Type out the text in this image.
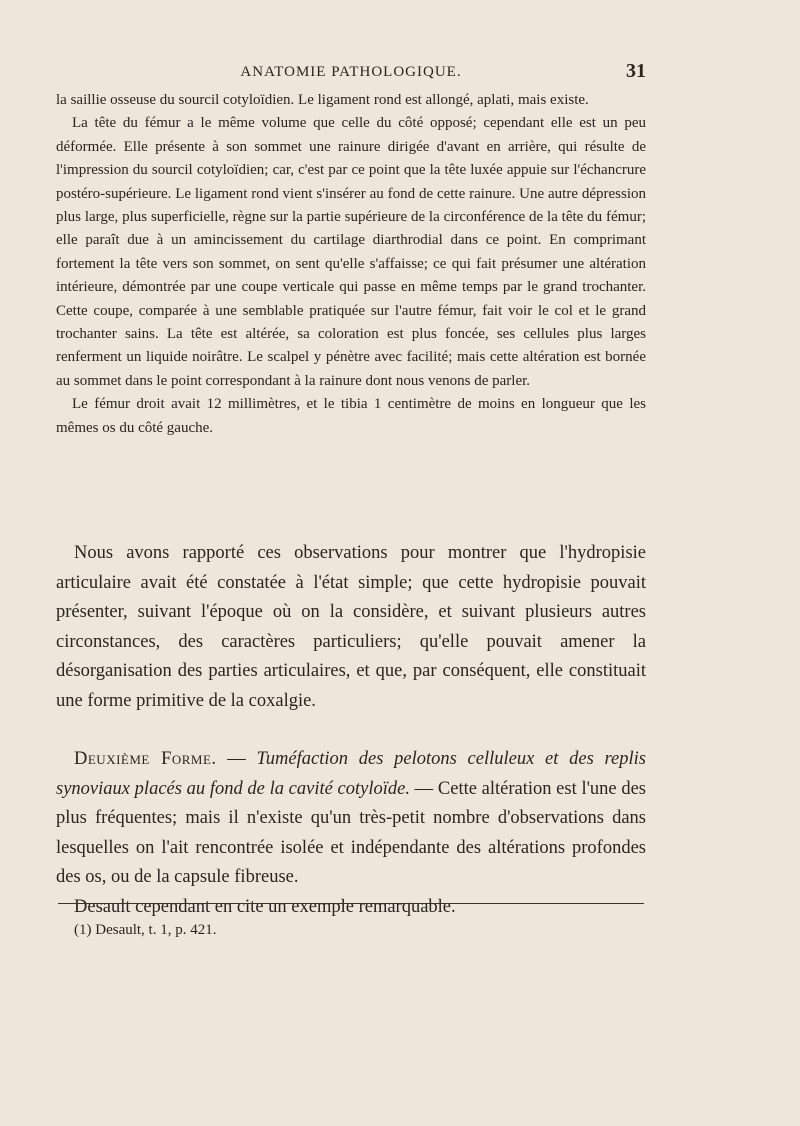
ANATOMIE PATHOLOGIQUE.	31

la saillie osseuse du sourcil cotyloïdien. Le ligament rond est allongé, aplati, mais existe.

La tête du fémur a le même volume que celle du côté opposé; cependant elle est un peu déformée. Elle présente à son sommet une rainure dirigée d'avant en arrière, qui résulte de l'impression du sourcil cotyloïdien; car, c'est par ce point que la tête luxée appuie sur l'échancrure postéro-supérieure. Le ligament rond vient s'insérer au fond de cette rainure. Une autre dépression plus large, plus superficielle, règne sur la partie supérieure de la circonférence de la tête du fémur; elle paraît due à un amincissement du cartilage diarthrodial dans ce point. En comprimant fortement la tête vers son sommet, on sent qu'elle s'affaisse; ce qui fait présumer une altération intérieure, démontrée par une coupe verticale qui passe en même temps par le grand trochanter. Cette coupe, comparée à une semblable pratiquée sur l'autre fémur, fait voir le col et le grand trochanter sains. La tête est altérée, sa coloration est plus foncée, ses cellules plus larges renferment un liquide noirâtre. Le scalpel y pénètre avec facilité; mais cette altération est bornée au sommet dans le point correspondant à la rainure dont nous venons de parler.

Le fémur droit avait 12 millimètres, et le tibia 1 centimètre de moins en longueur que les mêmes os du côté gauche.

Nous avons rapporté ces observations pour montrer que l'hydropisie articulaire avait été constatée à l'état simple; que cette hydropisie pouvait présenter, suivant l'époque où on la considère, et suivant plusieurs autres circonstances, des caractères particuliers; qu'elle pouvait amener la désorganisation des parties articulaires, et que, par conséquent, elle constituait une forme primitive de la coxalgie.

Deuxième Forme. — Tuméfaction des pelotons celluleux et des replis synoviaux placés au fond de la cavité cotyloïde. — Cette altération est l'une des plus fréquentes; mais il n'existe qu'un très-petit nombre d'observations dans lesquelles on l'ait rencontrée isolée et indépendante des altérations profondes des os, ou de la capsule fibreuse.

Desault cependant en cite un exemple remarquable.

(1) Desault, t. 1, p. 421.
